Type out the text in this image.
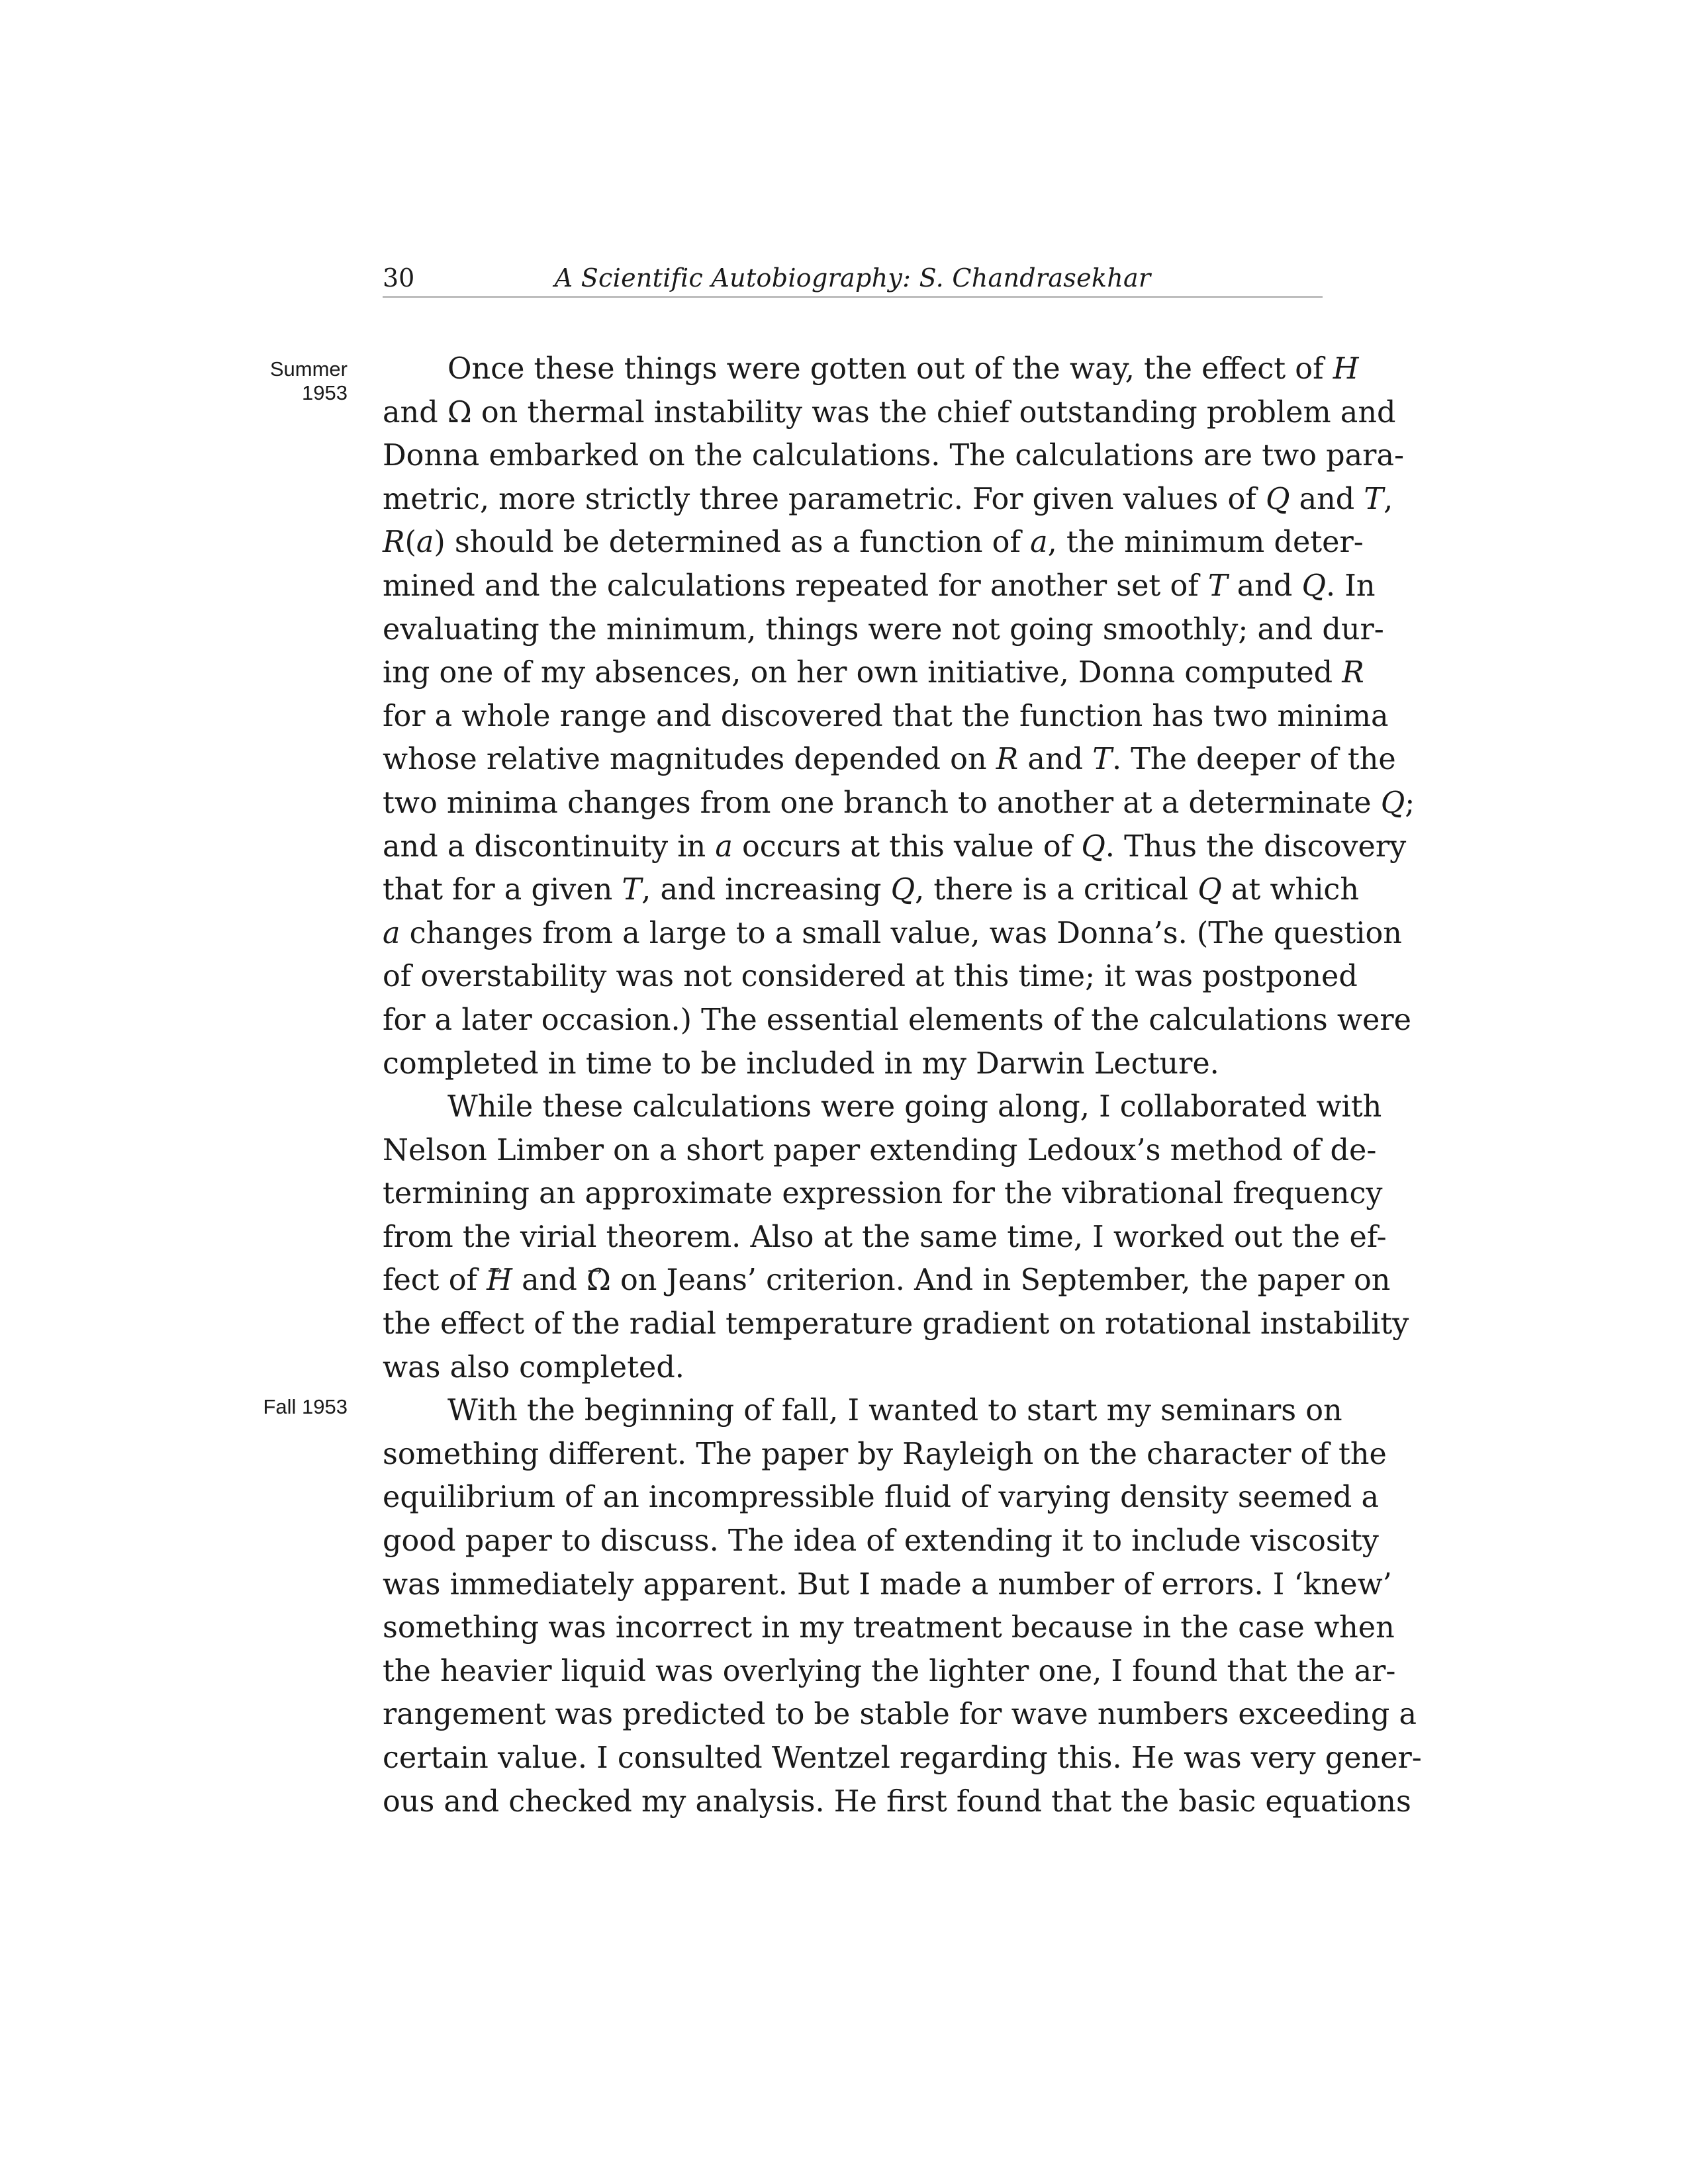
30	A Scientific Autobiography: S. Chandrasekhar
Summer
1953
Fall 1953
Once these things were gotten out of the way, the effect of H
and Ω on thermal instability was the chief outstanding problem and
Donna embarked on the calculations. The calculations are two para-
metric, more strictly three parametric. For given values of Q and T,
R(a) should be determined as a function of a, the minimum deter-
mined and the calculations repeated for another set of T and Q. In
evaluating the minimum, things were not going smoothly; and dur-
ing one of my absences, on her own initiative, Donna computed R
for a whole range and discovered that the function has two minima
whose relative magnitudes depended on R and T. The deeper of the
two minima changes from one branch to another at a determinate Q;
and a discontinuity in a occurs at this value of Q. Thus the discovery
that for a given T, and increasing Q, there is a critical Q at which
a changes from a large to a small value, was Donna’s. (The question
of overstability was not considered at this time; it was postponed
for a later occasion.) The essential elements of the calculations were
completed in time to be included in my Darwin Lecture.
While these calculations were going along, I collaborated with
Nelson Limber on a short paper extending Ledoux’s method of de-
termining an approximate expression for the vibrational frequency
from the virial theorem. Also at the same time, I worked out the ef-
fect of → H and → Ω on Jeans’ criterion. And in September, the paper on
the effect of the radial temperature gradient on rotational instability
was also completed.
With the beginning of fall, I wanted to start my seminars on
something different. The paper by Rayleigh on the character of the
equilibrium of an incompressible fluid of varying density seemed a
good paper to discuss. The idea of extending it to include viscosity
was immediately apparent. But I made a number of errors. I ‘knew’
something was incorrect in my treatment because in the case when
the heavier liquid was overlying the lighter one, I found that the ar-
rangement was predicted to be stable for wave numbers exceeding a
certain value. I consulted Wentzel regarding this. He was very gener-
ous and checked my analysis. He first found that the basic equations
